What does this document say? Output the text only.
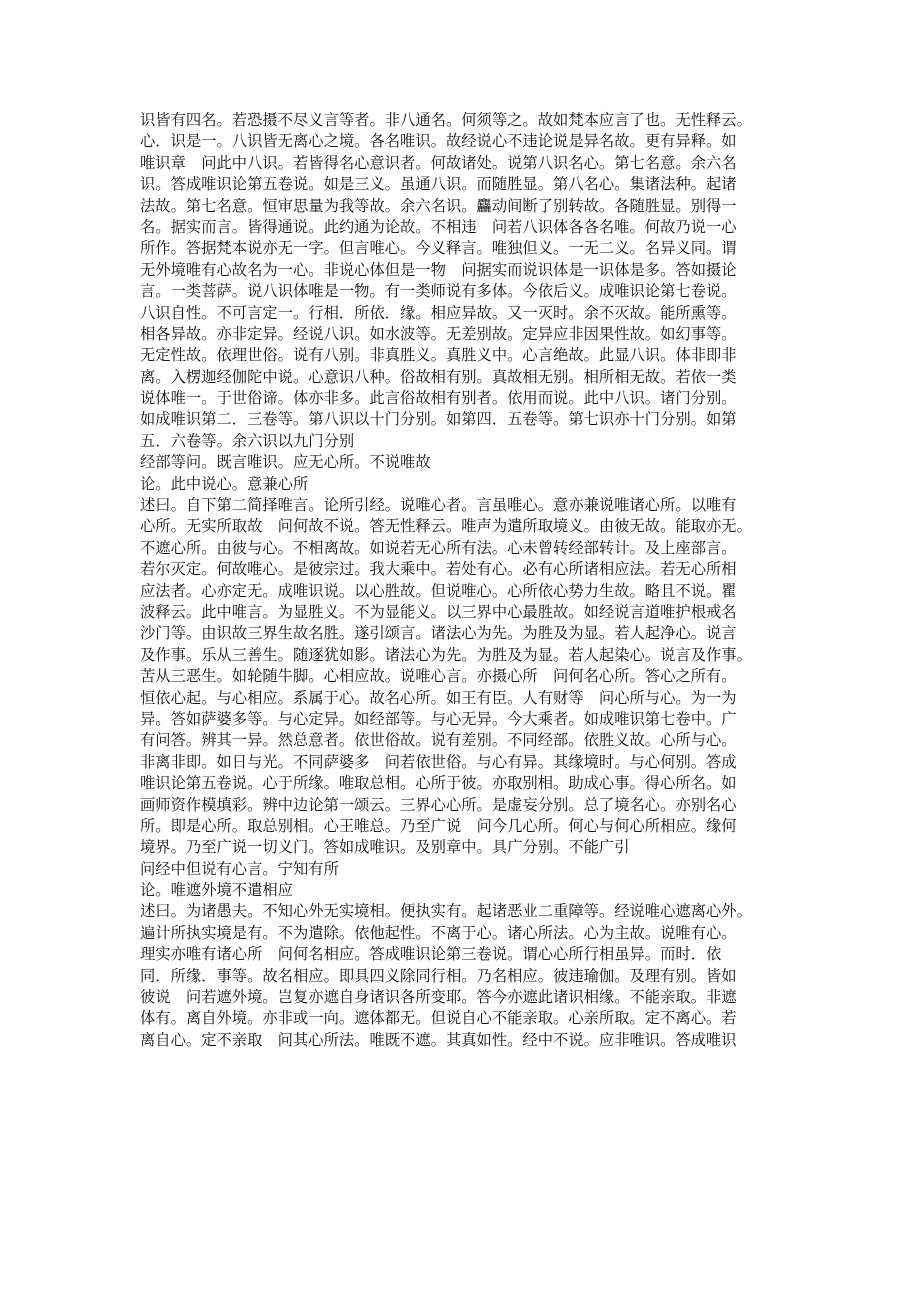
识皆有四名。若恐摄不尽义言等者。非八通名。何须等之。故如梵本应言了也。无性释云。

心．识是一。八识皆无离心之境。各名唯识。故经说心不违论说是异名故。更有异释。如

唯识章　问此中八识。若皆得名心意识者。何故诸处。说第八识名心。第七名意。余六名

识。答成唯识论第五卷说。如是三义。虽通八识。而随胜显。第八名心。集诸法种。起诸

法故。第七名意。恒审思量为我等故。余六名识。麤动间断了别转故。各随胜显。别得一

名。据实而言。皆得通说。此约通为论故。不相违　问若八识体各各名唯。何故乃说一心

所作。答据梵本说亦无一字。但言唯心。今义释言。唯独但义。一无二义。名异义同。谓

无外境唯有心故名为一心。非说心体但是一物　问据实而说识体是一识体是多。答如摄论

言。一类菩萨。说八识体唯是一物。有一类师说有多体。今依后义。成唯识论第七卷说。

八识自性。不可言定一。行相．所依．缘。相应异故。又一灭时。余不灭故。能所熏等。

相各异故。亦非定异。经说八识。如水波等。无差别故。定异应非因果性故。如幻事等。

无定性故。依理世俗。说有八别。非真胜义。真胜义中。心言绝故。此显八识。体非即非

离。入楞迦经伽陀中说。心意识八种。俗故相有别。真故相无别。相所相无故。若依一类

说体唯一。于世俗谛。体亦非多。此言俗故相有别者。依用而说。此中八识。诸门分别。

如成唯识第二．三卷等。第八识以十门分别。如第四．五卷等。第七识亦十门分别。如第

五．六卷等。余六识以九门分别

经部等问。既言唯识。应无心所。不说唯故

论。此中说心。意兼心所

述曰。自下第二简择唯言。论所引经。说唯心者。言虽唯心。意亦兼说唯诸心所。以唯有

心所。无实所取故　问何故不说。答无性释云。唯声为遣所取境义。由彼无故。能取亦无。

不遮心所。由彼与心。不相离故。如说若无心所有法。心未曾转经部转计。及上座部言。

若尔灭定。何故唯心。是彼宗过。我大乘中。若处有心。必有心所诸相应法。若无心所相

应法者。心亦定无。成唯识说。以心胜故。但说唯心。心所依心势力生故。略且不说。瞿

波释云。此中唯言。为显胜义。不为显能义。以三界中心最胜故。如经说言道唯护根戒名

沙门等。由识故三界生故名胜。遂引颂言。诸法心为先。为胜及为显。若人起净心。说言

及作事。乐从三善生。随逐犹如影。诸法心为先。为胜及为显。若人起染心。说言及作事。

苦从三恶生。如轮随牛脚。心相应故。说唯心言。亦摄心所　问何名心所。答心之所有。

恒依心起。与心相应。系属于心。故名心所。如王有臣。人有财等　问心所与心。为一为

异。答如萨婆多等。与心定异。如经部等。与心无异。今大乘者。如成唯识第七卷中。广

有问答。辨其一异。然总意者。依世俗故。说有差别。不同经部。依胜义故。心所与心。

非离非即。如日与光。不同萨婆多　问若依世俗。与心有异。其缘境时。与心何别。答成

唯识论第五卷说。心于所缘。唯取总相。心所于彼。亦取别相。助成心事。得心所名。如

画师资作模填彩。辨中边论第一颂云。三界心心所。是虚妄分别。总了境名心。亦别名心

所。即是心所。取总别相。心王唯总。乃至广说　问今几心所。何心与何心所相应。缘何

境界。乃至广说一切义门。答如成唯识。及别章中。具广分别。不能广引

问经中但说有心言。宁知有所

论。唯遮外境不遣相应

述曰。为诸愚夫。不知心外无实境相。便执实有。起诸恶业二重障等。经说唯心遮离心外。

遍计所执实境是有。不为遣除。依他起性。不离于心。诸心所法。心为主故。说唯有心。

理实亦唯有诸心所　问何名相应。答成唯识论第三卷说。谓心心所行相虽异。而时．依

同．所缘．事等。故名相应。即具四义除同行相。乃名相应。彼违瑜伽。及理有别。皆如

彼说　问若遮外境。岂复亦遮自身诸识各所变耶。答今亦遮此诸识相缘。不能亲取。非遮

体有。离自外境。亦非或一向。遮体都无。但说自心不能亲取。心亲所取。定不离心。若

离自心。定不亲取　问其心所法。唯既不遮。其真如性。经中不说。应非唯识。答成唯识
